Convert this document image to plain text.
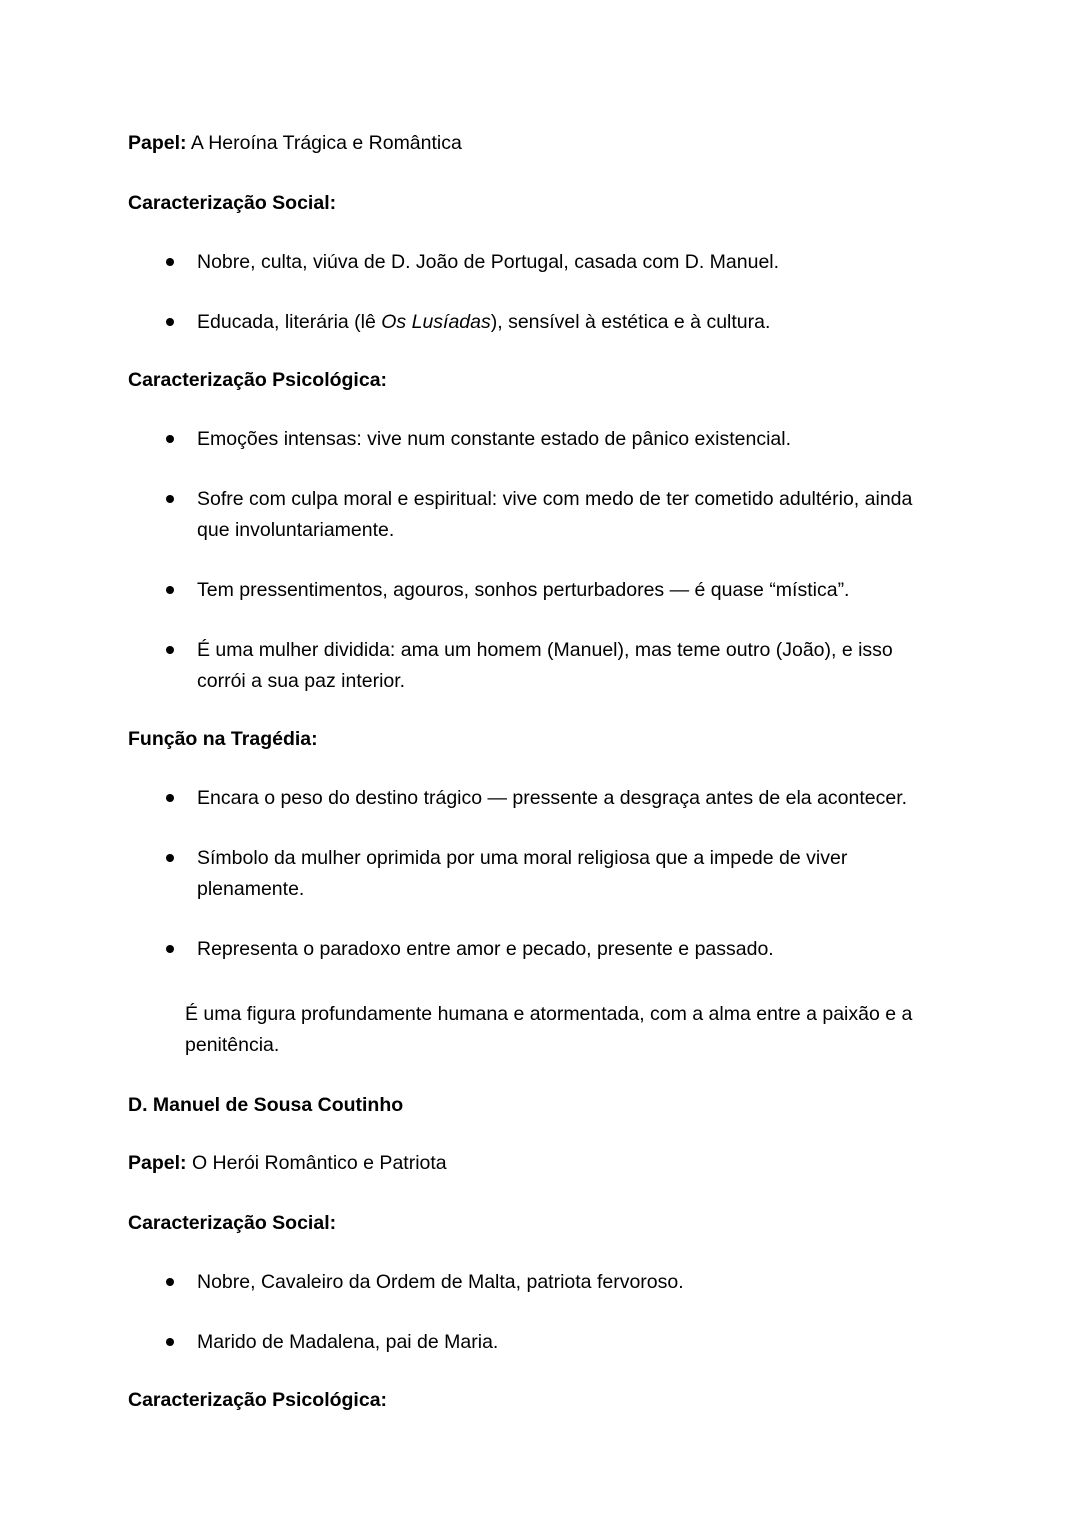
Papel: A Heroína Trágica e Romântica

Caracterização Social:
Nobre, culta, viúva de D. João de Portugal, casada com D. Manuel.
Educada, literária (lê Os Lusíadas), sensível à estética e à cultura.
Caracterização Psicológica:
Emoções intensas: vive num constante estado de pânico existencial.
Sofre com culpa moral e espiritual: vive com medo de ter cometido adultério, ainda que involuntariamente.
Tem pressentimentos, agouros, sonhos perturbadores — é quase “mística”.
É uma mulher dividida: ama um homem (Manuel), mas teme outro (João), e isso corrói a sua paz interior.
Função na Tragédia:
Encara o peso do destino trágico — pressente a desgraça antes de ela acontecer.
Símbolo da mulher oprimida por uma moral religiosa que a impede de viver plenamente.
Representa o paradoxo entre amor e pecado, presente e passado.

É uma figura profundamente humana e atormentada, com a alma entre a paixão e a penitência.

D. Manuel de Sousa Coutinho

Papel: O Herói Romântico e Patriota

Caracterização Social:
Nobre, Cavaleiro da Ordem de Malta, patriota fervoroso.
Marido de Madalena, pai de Maria.
Caracterização Psicológica:
